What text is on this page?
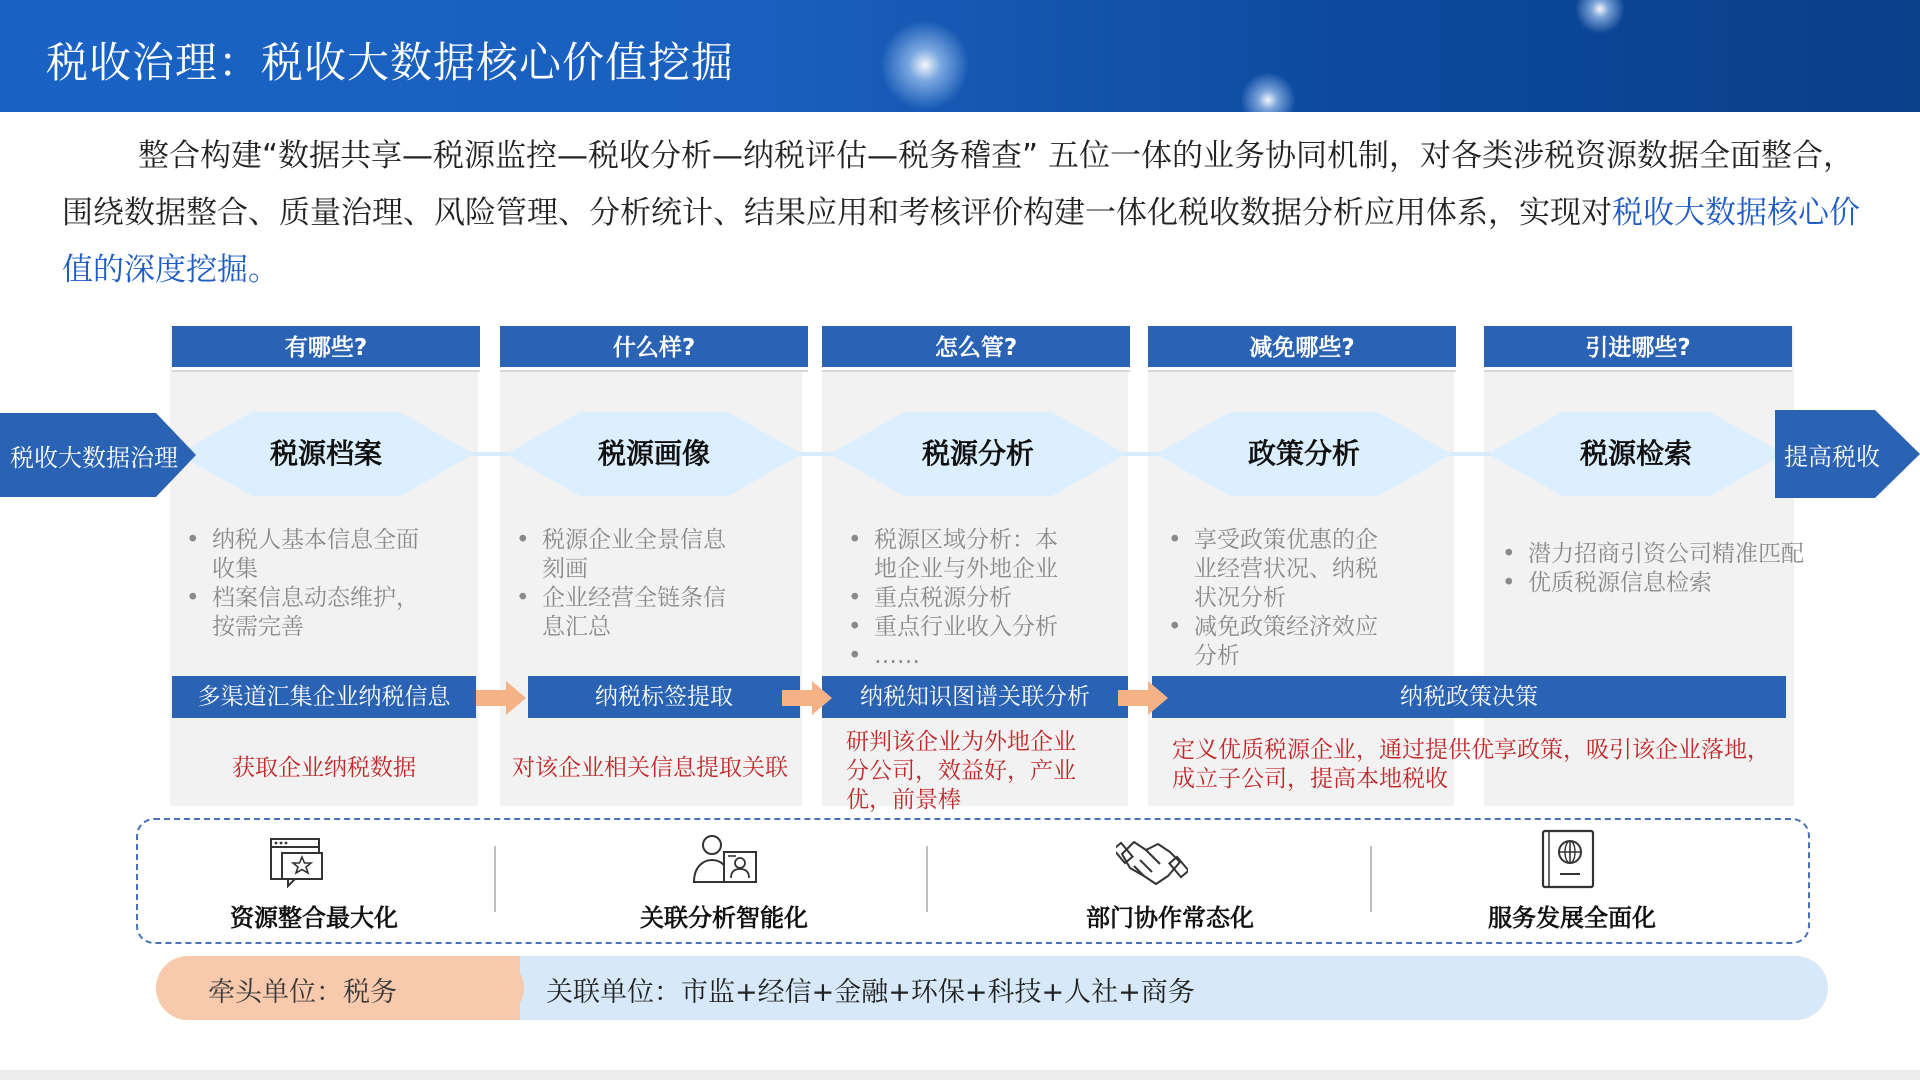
税收治理：税收大数据核心价值挖掘
整合构建“数据共享—税源监控—税收分析—纳税评估—税务稽查” 五位一体的业务协同机制，对各类涉税资源数据全面整合，围绕数据整合、质量治理、风险管理、分析统计、结果应用和考核评价构建一体化税收数据分析应用体系，实现对税收大数据核心价值的深度挖掘。
有哪些?	什么样?	怎么管?	减免哪些?	引进哪些?
税源档案	税源画像	税源分析	政策分析	税源检索
税收大数据治理	提高税收
• 纳税人基本信息全面收集
• 档案信息动态维护，按需完善
• 税源企业全景信息刻画
• 企业经营全链条信息汇总
• 税源区域分析：本地企业与外地企业
• 重点税源分析
• 重点行业收入分析
• ……
• 享受政策优惠的企业经营状况、纳税状况分析
• 减免政策经济效应分析
• 潜力招商引资公司精准匹配
• 优质税源信息检索
多渠道汇集企业纳税信息	纳税标签提取	纳税知识图谱关联分析	纳税政策决策
获取企业纳税数据	对该企业相关信息提取关联
研判该企业为外地企业分公司，效益好，产业优，前景棒
定义优质税源企业，通过提供优享政策，吸引该企业落地，成立子公司，提高本地税收
资源整合最大化	关联分析智能化	部门协作常态化	服务发展全面化
牵头单位：税务	关联单位：市监+经信+金融+环保+科技+人社+商务
